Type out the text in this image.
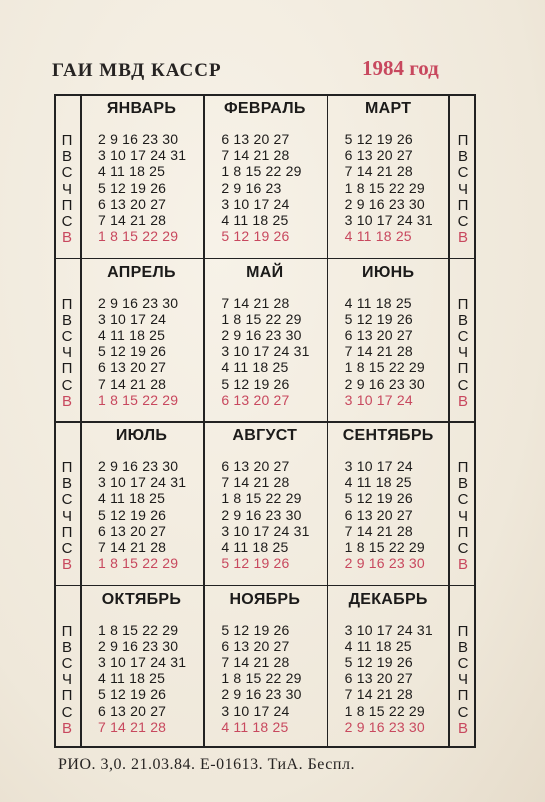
ГАИ МВД КАССР	1984 год
П
В
С
Ч
П
С
В
П
В
С
Ч
П
С
В
П
В
С
Ч
П
С
В
П
В
С
Ч
П
С
В
П
В
С
Ч
П
С
В
П
В
С
Ч
П
С
В
П
В
С
Ч
П
С
В
П
В
С
Ч
П
С
В
ЯНВАРЬ
2 9 16 23 30
3 10 17 24 31
4 11 18 25
5 12 19 26
6 13 20 27
7 14 21 28
1 8 15 22 29
ФЕВРАЛЬ
6 13 20 27
7 14 21 28
1 8 15 22 29
2 9 16 23
3 10 17 24
4 11 18 25
5 12 19 26
МАРТ
5 12 19 26
6 13 20 27
7 14 21 28
1 8 15 22 29
2 9 16 23 30
3 10 17 24 31
4 11 18 25
АПРЕЛЬ
2 9 16 23 30
3 10 17 24
4 11 18 25
5 12 19 26
6 13 20 27
7 14 21 28
1 8 15 22 29
МАЙ
7 14 21 28
1 8 15 22 29
2 9 16 23 30
3 10 17 24 31
4 11 18 25
5 12 19 26
6 13 20 27
ИЮНЬ
4 11 18 25
5 12 19 26
6 13 20 27
7 14 21 28
1 8 15 22 29
2 9 16 23 30
3 10 17 24
ИЮЛЬ
2 9 16 23 30
3 10 17 24 31
4 11 18 25
5 12 19 26
6 13 20 27
7 14 21 28
1 8 15 22 29
АВГУСТ
6 13 20 27
7 14 21 28
1 8 15 22 29
2 9 16 23 30
3 10 17 24 31
4 11 18 25
5 12 19 26
СЕНТЯБРЬ
3 10 17 24
4 11 18 25
5 12 19 26
6 13 20 27
7 14 21 28
1 8 15 22 29
2 9 16 23 30
ОКТЯБРЬ
1 8 15 22 29
2 9 16 23 30
3 10 17 24 31
4 11 18 25
5 12 19 26
6 13 20 27
7 14 21 28
НОЯБРЬ
5 12 19 26
6 13 20 27
7 14 21 28
1 8 15 22 29
2 9 16 23 30
3 10 17 24
4 11 18 25
ДЕКАБРЬ
3 10 17 24 31
4 11 18 25
5 12 19 26
6 13 20 27
7 14 21 28
1 8 15 22 29
2 9 16 23 30
РИО. 3,0. 21.03.84. Е-01613. ТиА. Беспл.
